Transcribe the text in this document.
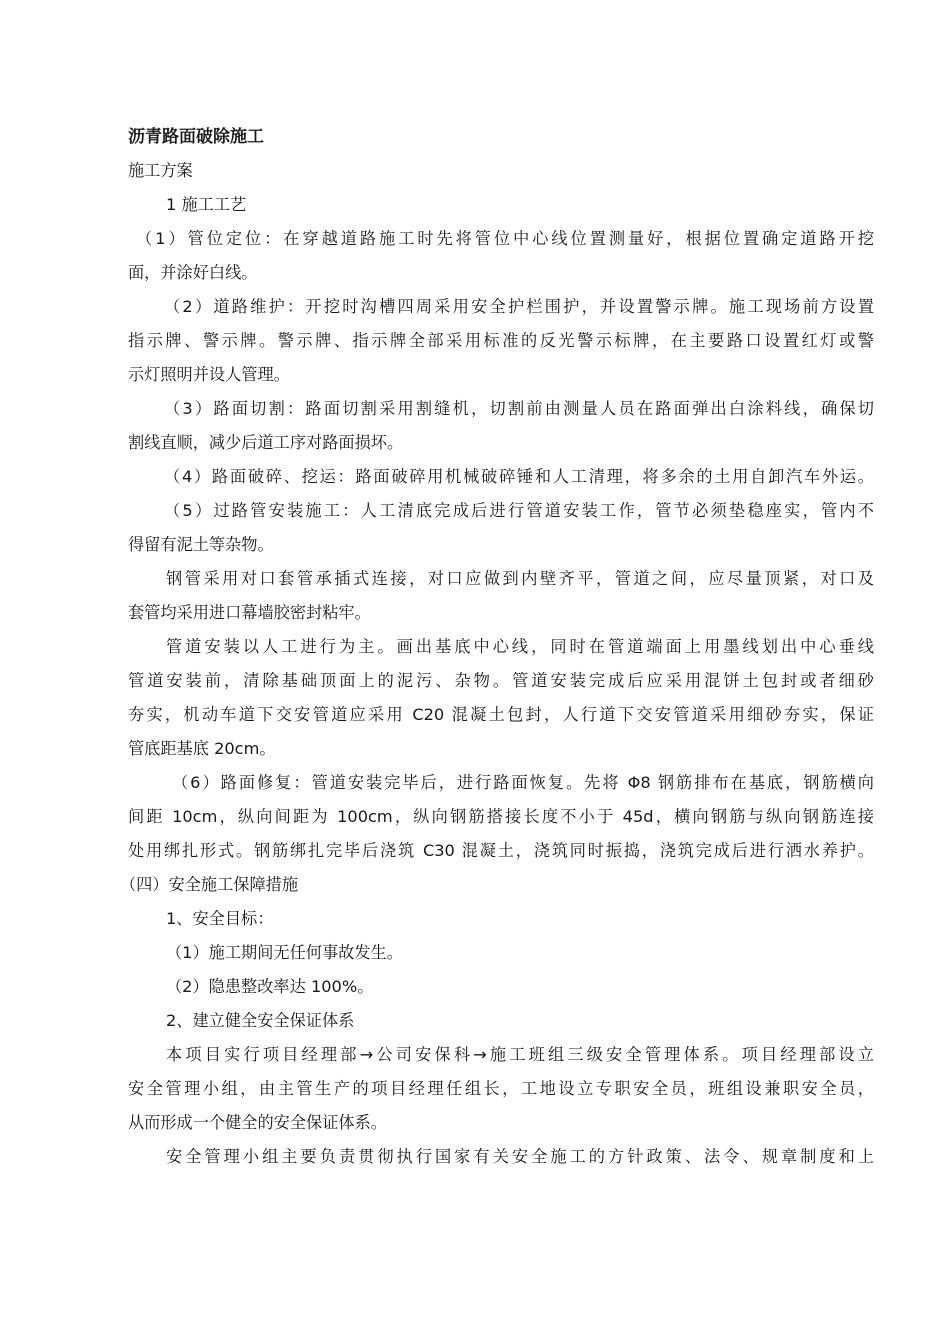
沥青路面破除施工
施工方案
1 施工工艺
（1）管位定位：在穿越道路施工时先将管位中心线位置测量好，根据位置确定道路开挖
面，并涂好白线。
（2）道路维护：开挖时沟槽四周采用安全护栏围护，并设置警示牌。施工现场前方设置
指示牌、警示牌。警示牌、指示牌全部采用标准的反光警示标牌，在主要路口设置红灯或警
示灯照明并设人管理。
（3）路面切割：路面切割采用割缝机，切割前由测量人员在路面弹出白涂料线，确保切
割线直顺，减少后道工序对路面损坏。
（4）路面破碎、挖运：路面破碎用机械破碎锤和人工清理，将多余的土用自卸汽车外运。
（5）过路管安装施工：人工清底完成后进行管道安装工作，管节必须垫稳座实，管内不
得留有泥土等杂物。
钢管采用对口套管承插式连接，对口应做到内壁齐平，管道之间，应尽量顶紧，对口及
套管均采用进口幕墙胶密封粘牢。
管道安装以人工进行为主。画出基底中心线，同时在管道端面上用墨线划出中心垂线
管道安装前，清除基础顶面上的泥污、杂物。管道安装完成后应采用混饼土包封或者细砂
夯实，机动车道下交安管道应采用 C20 混凝土包封，人行道下交安管道采用细砂夯实，保证
管底距基底 20cm。
（6）路面修复：管道安装完毕后，进行路面恢复。先将 Φ8 钢筋排布在基底，钢筋横向
间距 10cm，纵向间距为 100cm，纵向钢筋搭接长度不小于 45d，横向钢筋与纵向钢筋连接
处用绑扎形式。钢筋绑扎完毕后浇筑 C30 混凝土，浇筑同时振捣，浇筑完成后进行洒水养护。
（四）安全施工保障措施
1、安全目标：
（1）施工期间无任何事故发生。
（2）隐患整改率达 100%。
2、建立健全安全保证体系
本项目实行项目经理部→公司安保科→施工班组三级安全管理体系。项目经理部设立
安全管理小组，由主管生产的项目经理任组长，工地设立专职安全员，班组设兼职安全员，
从而形成一个健全的安全保证体系。
安全管理小组主要负责贯彻执行国家有关安全施工的方针政策、法令、规章制度和上
